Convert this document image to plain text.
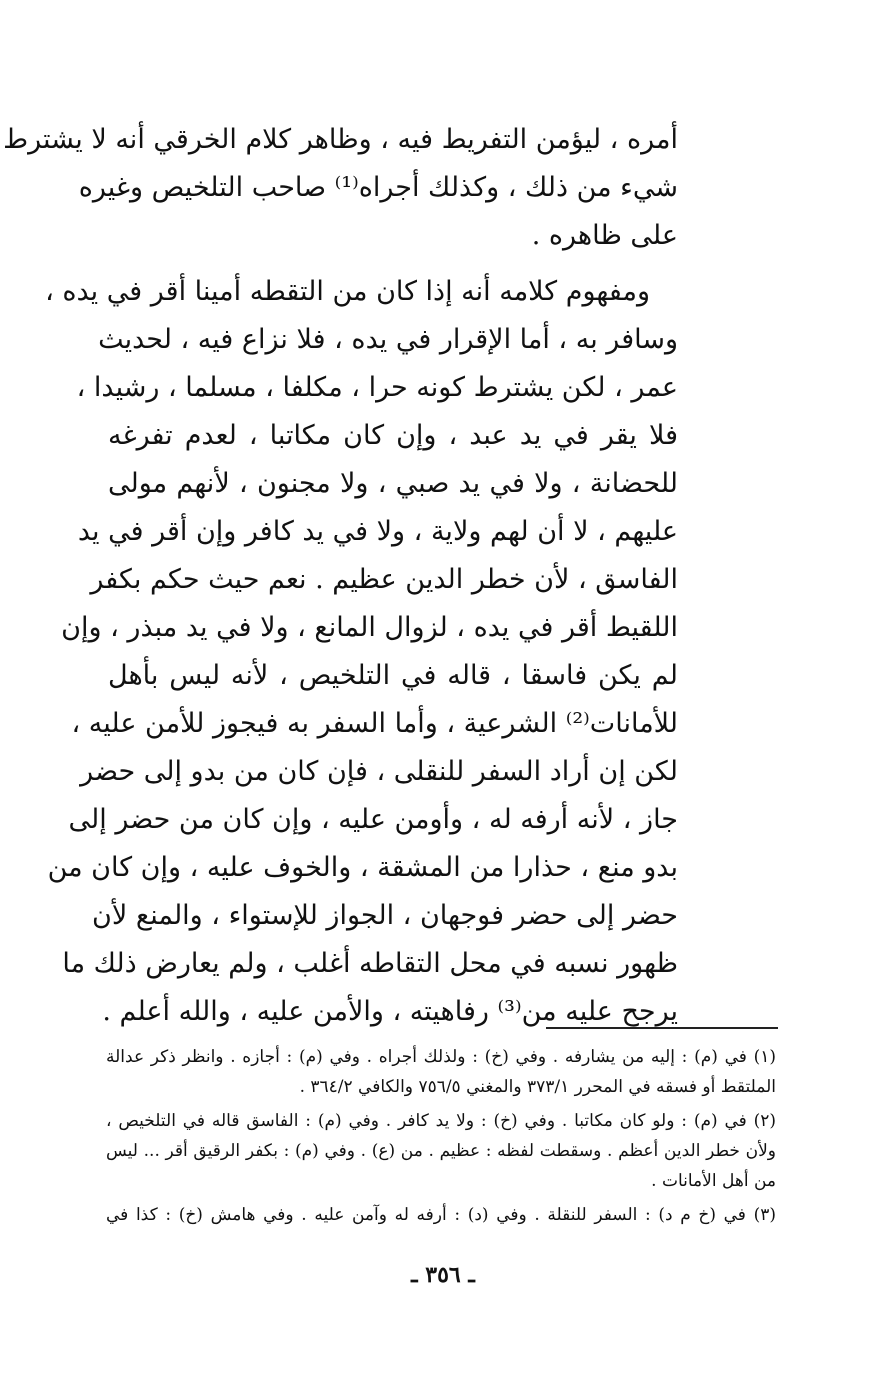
أمره ، ليؤمن التفريط فيه ، وظاهر كلام الخرقي أنه لا يشترط
شيء من ذلك ، وكذلك أجراه⁽¹⁾ صاحب التلخيص وغيره
على ظاهره .
ومفهوم كلامه أنه إذا كان من التقطه أمينا أقر في يده ،
وسافر به ، أما الإقرار في يده ، فلا نزاع فيه ، لحديث
عمر ، لكن يشترط كونه حرا ، مكلفا ، مسلما ، رشيدا ،
فلا يقر في يد عبد ، وإن كان مكاتبا ، لعدم تفرغه
للحضانة ، ولا في يد صبي ، ولا مجنون ، لأنهم مولى
عليهم ، لا أن لهم ولاية ، ولا في يد كافر وإن أقر في يد
الفاسق ، لأن خطر الدين عظيم . نعم حيث حكم بكفر
اللقيط أقر في يده ، لزوال المانع ، ولا في يد مبذر ، وإن
لم يكن فاسقا ، قاله في التلخيص ، لأنه ليس بأهل
للأمانات⁽²⁾ الشرعية ، وأما السفر به فيجوز للأمن عليه ،
لكن إن أراد السفر للنقلى ، فإن كان من بدو إلى حضر
جاز ، لأنه أرفه له ، وأومن عليه ، وإن كان من حضر إلى
بدو منع ، حذارا من المشقة ، والخوف عليه ، وإن كان من
حضر إلى حضر فوجهان ، الجواز للإستواء ، والمنع لأن
ظهور نسبه في محل التقاطه أغلب ، ولم يعارض ذلك ما
يرجح عليه من⁽³⁾ رفاهيته ، والأمن عليه ، والله أعلم .
(١) في (م) : إليه من يشارفه . وفي (خ) : ولذلك أجراه . وفي (م) : أجازه . وانظر ذكر عدالة
الملتقط أو فسقه في المحرر ٣٧٣/١ والمغني ٧٥٦/٥ والكافي ٣٦٤/٢ .
(٢) في (م) : ولو كان مكاتبا . وفي (خ) : ولا يد كافر . وفي (م) : الفاسق قاله في التلخيص ،
ولأن خطر الدين أعظم . وسقطت لفظه : عظيم . من (ع) . وفي (م) : بكفر الرقيق أقر ... ليس
من أهل الأمانات .
(٣) في (خ م د) : السفر للنقلة . وفي (د) : أرفه له وآمن عليه . وفي هامش (خ) : كذا في
ـ ٣٥٦ ـ
